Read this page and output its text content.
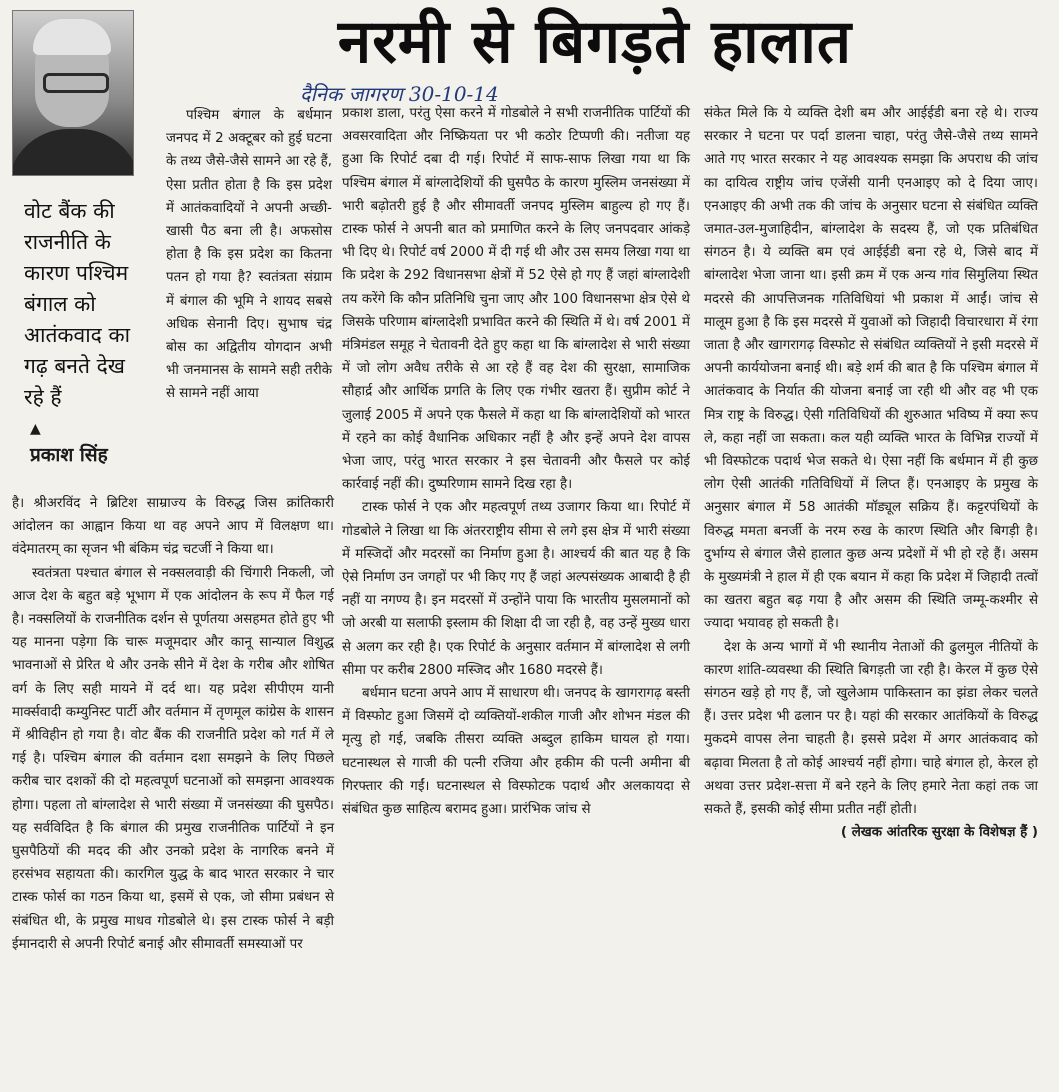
नरमी से बिगड़ते हालात
दैनिक जागरण 30-10-14
वोट बैंक की राजनीति के कारण पश्चिम बंगाल को आतंकवाद का गढ़ बनते देख रहे हैं
▲
प्रकाश सिंह

पश्चिम बंगाल के बर्धमान जनपद में 2 अक्टूबर को हुई घटना के तथ्य जैसे-जैसे सामने आ रहे हैं, ऐसा प्रतीत होता है कि इस प्रदेश में आतंकवादियों ने अपनी अच्छी-खासी पैठ बना ली है। अफसोस होता है कि इस प्रदेश का कितना पतन हो गया है? स्वतंत्रता संग्राम में बंगाल की भूमि ने शायद सबसे अधिक सेनानी दिए। सुभाष चंद्र बोस का अद्वितीय योगदान अभी भी जनमानस के सामने सही तरीके से सामने नहीं आया

है। श्रीअरविंद ने ब्रिटिश साम्राज्य के विरुद्ध जिस क्रांतिकारी आंदोलन का आह्वान किया था वह अपने आप में विलक्षण था। वंदेमातरम् का सृजन भी बंकिम चंद्र चटर्जी ने किया था।

स्वतंत्रता पश्चात बंगाल से नक्सलवाड़ी की चिंगारी निकली, जो आज देश के बहुत बड़े भूभाग में एक आंदोलन के रूप में फैल गई है। नक्सलियों के राजनीतिक दर्शन से पूर्णतया असहमत होते हुए भी यह मानना पड़ेगा कि चारू मजूमदार और कानू सान्याल विशुद्ध भावनाओं से प्रेरित थे और उनके सीने में देश के गरीब और शोषित वर्ग के लिए सही मायने में दर्द था। यह प्रदेश सीपीएम यानी मार्क्सवादी कम्युनिस्ट पार्टी और वर्तमान में तृणमूल कांग्रेस के शासन में श्रीविहीन हो गया है। वोट बैंक की राजनीति प्रदेश को गर्त में ले गई है। पश्चिम बंगाल की वर्तमान दशा समझने के लिए पिछले करीब चार दशकों की दो महत्वपूर्ण घटनाओं को समझना आवश्यक होगा। पहला तो बांग्लादेश से भारी संख्या में जनसंख्या की घुसपैठ। यह सर्वविदित है कि बंगाल की प्रमुख राजनीतिक पार्टियों ने इन घुसपैठियों की मदद की और उनको प्रदेश के नागरिक बनने में हरसंभव सहायता की। कारगिल युद्ध के बाद भारत सरकार ने चार टास्क फोर्स का गठन किया था, इसमें से एक, जो सीमा प्रबंधन से संबंधित थी, के प्रमुख माधव गोडबोले थे। इस टास्क फोर्स ने बड़ी ईमानदारी से अपनी रिपोर्ट बनाई और सीमावर्ती समस्याओं पर

प्रकाश डाला, परंतु ऐसा करने में गोडबोले ने सभी राजनीतिक पार्टियों की अवसरवादिता और निष्क्रियता पर भी कठोर टिप्पणी की। नतीजा यह हुआ कि रिपोर्ट दबा दी गई। रिपोर्ट में साफ-साफ लिखा गया था कि पश्चिम बंगाल में बांग्लादेशियों की घुसपैठ के कारण मुस्लिम जनसंख्या में भारी बढ़ोतरी हुई है और सीमावर्ती जनपद मुस्लिम बाहुल्य हो गए हैं। टास्क फोर्स ने अपनी बात को प्रमाणित करने के लिए जनपदवार आंकड़े भी दिए थे। रिपोर्ट वर्ष 2000 में दी गई थी और उस समय लिखा गया था कि प्रदेश के 292 विधानसभा क्षेत्रों में 52 ऐसे हो गए हैं जहां बांग्लादेशी तय करेंगे कि कौन प्रतिनिधि चुना जाए और 100 विधानसभा क्षेत्र ऐसे थे जिसके परिणाम बांग्लादेशी प्रभावित करने की स्थिति में थे। वर्ष 2001 में मंत्रिमंडल समूह ने चेतावनी देते हुए कहा था कि बांग्लादेश से भारी संख्या में जो लोग अवैध तरीके से आ रहे हैं वह देश की सुरक्षा, सामाजिक सौहार्द्र और आर्थिक प्रगति के लिए एक गंभीर खतरा हैं। सुप्रीम कोर्ट ने जुलाई 2005 में अपने एक फैसले में कहा था कि बांग्लादेशियों को भारत में रहने का कोई वैधानिक अधिकार नहीं है और इन्हें अपने देश वापस भेजा जाए, परंतु भारत सरकार ने इस चेतावनी और फैसले पर कोई कार्रवाई नहीं की। दुष्परिणाम सामने दिख रहा है।

टास्क फोर्स ने एक और महत्वपूर्ण तथ्य उजागर किया था। रिपोर्ट में गोडबोले ने लिखा था कि अंतरराष्ट्रीय सीमा से लगे इस क्षेत्र में भारी संख्या में मस्जिदों और मदरसों का निर्माण हुआ है। आश्चर्य की बात यह है कि ऐसे निर्माण उन जगहों पर भी किए गए हैं जहां अल्पसंख्यक आबादी है ही नहीं या नगण्य है। इन मदरसों में उन्होंने पाया कि भारतीय मुसलमानों को जो अरबी या सलाफी इस्लाम की शिक्षा दी जा रही है, वह उन्हें मुख्य धारा से अलग कर रही है। एक रिपोर्ट के अनुसार वर्तमान में बांग्लादेश से लगी सीमा पर करीब 2800 मस्जिद और 1680 मदरसे हैं।

बर्धमान घटना अपने आप में साधारण थी। जनपद के खागरागढ़ बस्ती में विस्फोट हुआ जिसमें दो व्यक्तियों-शकील गाजी और शोभन मंडल की मृत्यु हो गई, जबकि तीसरा व्यक्ति अब्दुल हाकिम घायल हो गया। घटनास्थल से गाजी की पत्नी रजिया और हकीम की पत्नी अमीना बी गिरफ्तार की गईं। घटनास्थल से विस्फोटक पदार्थ और अलकायदा से संबंधित कुछ साहित्य बरामद हुआ। प्रारंभिक जांच से

संकेत मिले कि ये व्यक्ति देशी बम और आईईडी बना रहे थे। राज्य सरकार ने घटना पर पर्दा डालना चाहा, परंतु जैसे-जैसे तथ्य सामने आते गए भारत सरकार ने यह आवश्यक समझा कि अपराध की जांच का दायित्व राष्ट्रीय जांच एजेंसी यानी एनआइए को दे दिया जाए। एनआइए की अभी तक की जांच के अनुसार घटना से संबंधित व्यक्ति जमात-उल-मुजाहिदीन, बांग्लादेश के सदस्य हैं, जो एक प्रतिबंधित संगठन है। ये व्यक्ति बम एवं आईईडी बना रहे थे, जिसे बाद में बांग्लादेश भेजा जाना था। इसी क्रम में एक अन्य गांव सिमुलिया स्थित मदरसे की आपत्तिजनक गतिविधियां भी प्रकाश में आईं। जांच से मालूम हुआ है कि इस मदरसे में युवाओं को जिहादी विचारधारा में रंगा जाता है और खागरागढ़ विस्फोट से संबंधित व्यक्तियों ने इसी मदरसे में अपनी कार्ययोजना बनाई थी। बड़े शर्म की बात है कि पश्चिम बंगाल में आतंकवाद के निर्यात की योजना बनाई जा रही थी और वह भी एक मित्र राष्ट्र के विरुद्ध। ऐसी गतिविधियों की शुरुआत भविष्य में क्या रूप ले, कहा नहीं जा सकता। कल यही व्यक्ति भारत के विभिन्न राज्यों में भी विस्फोटक पदार्थ भेज सकते थे। ऐसा नहीं कि बर्धमान में ही कुछ लोग ऐसी आतंकी गतिविधियों में लिप्त हैं। एनआइए के प्रमुख के अनुसार बंगाल में 58 आतंकी मॉड्यूल सक्रिय हैं। कट्टरपंथियों के विरुद्ध ममता बनर्जी के नरम रुख के कारण स्थिति और बिगड़ी है। दुर्भाग्य से बंगाल जैसे हालात कुछ अन्य प्रदेशों में भी हो रहे हैं। असम के मुख्यमंत्री ने हाल में ही एक बयान में कहा कि प्रदेश में जिहादी तत्वों का खतरा बहुत बढ़ गया है और असम की स्थिति जम्मू-कश्मीर से ज्यादा भयावह हो सकती है।

देश के अन्य भागों में भी स्थानीय नेताओं की ढुलमुल नीतियों के कारण शांति-व्यवस्था की स्थिति बिगड़ती जा रही है। केरल में कुछ ऐसे संगठन खड़े हो गए हैं, जो खुलेआम पाकिस्तान का झंडा लेकर चलते हैं। उत्तर प्रदेश भी ढलान पर है। यहां की सरकार आतंकियों के विरुद्ध मुकदमे वापस लेना चाहती है। इससे प्रदेश में अगर आतंकवाद को बढ़ावा मिलता है तो कोई आश्चर्य नहीं होगा। चाहे बंगाल हो, केरल हो अथवा उत्तर प्रदेश-सत्ता में बने रहने के लिए हमारे नेता कहां तक जा सकते हैं, इसकी कोई सीमा प्रतीत नहीं होती।

( लेखक आंतरिक सुरक्षा के विशेषज्ञ हैं )
